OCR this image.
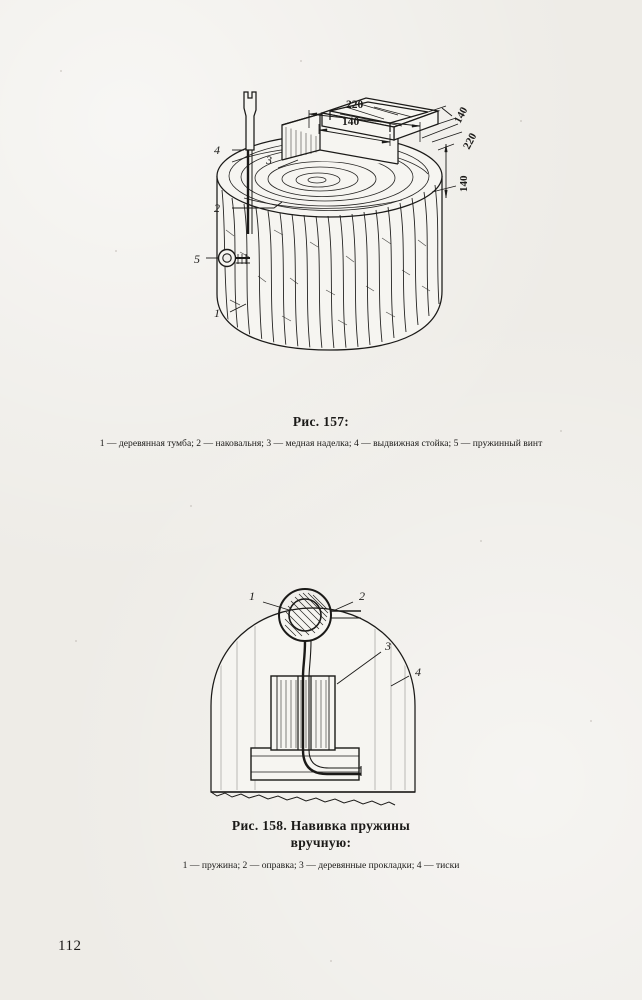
4
2
3
5
1
220
140	140
220
140
Рис. 157:
1 — деревянная тумба; 2 — наковальня; 3 — медная наделка; 4 — выдвижная стойка; 5 — пружинный винт
1	2
3
4
Рис. 158. Навивка пружины
вручную:
1 — пружина; 2 — оправка; 3 — деревянные прокладки; 4 — тиски
112
